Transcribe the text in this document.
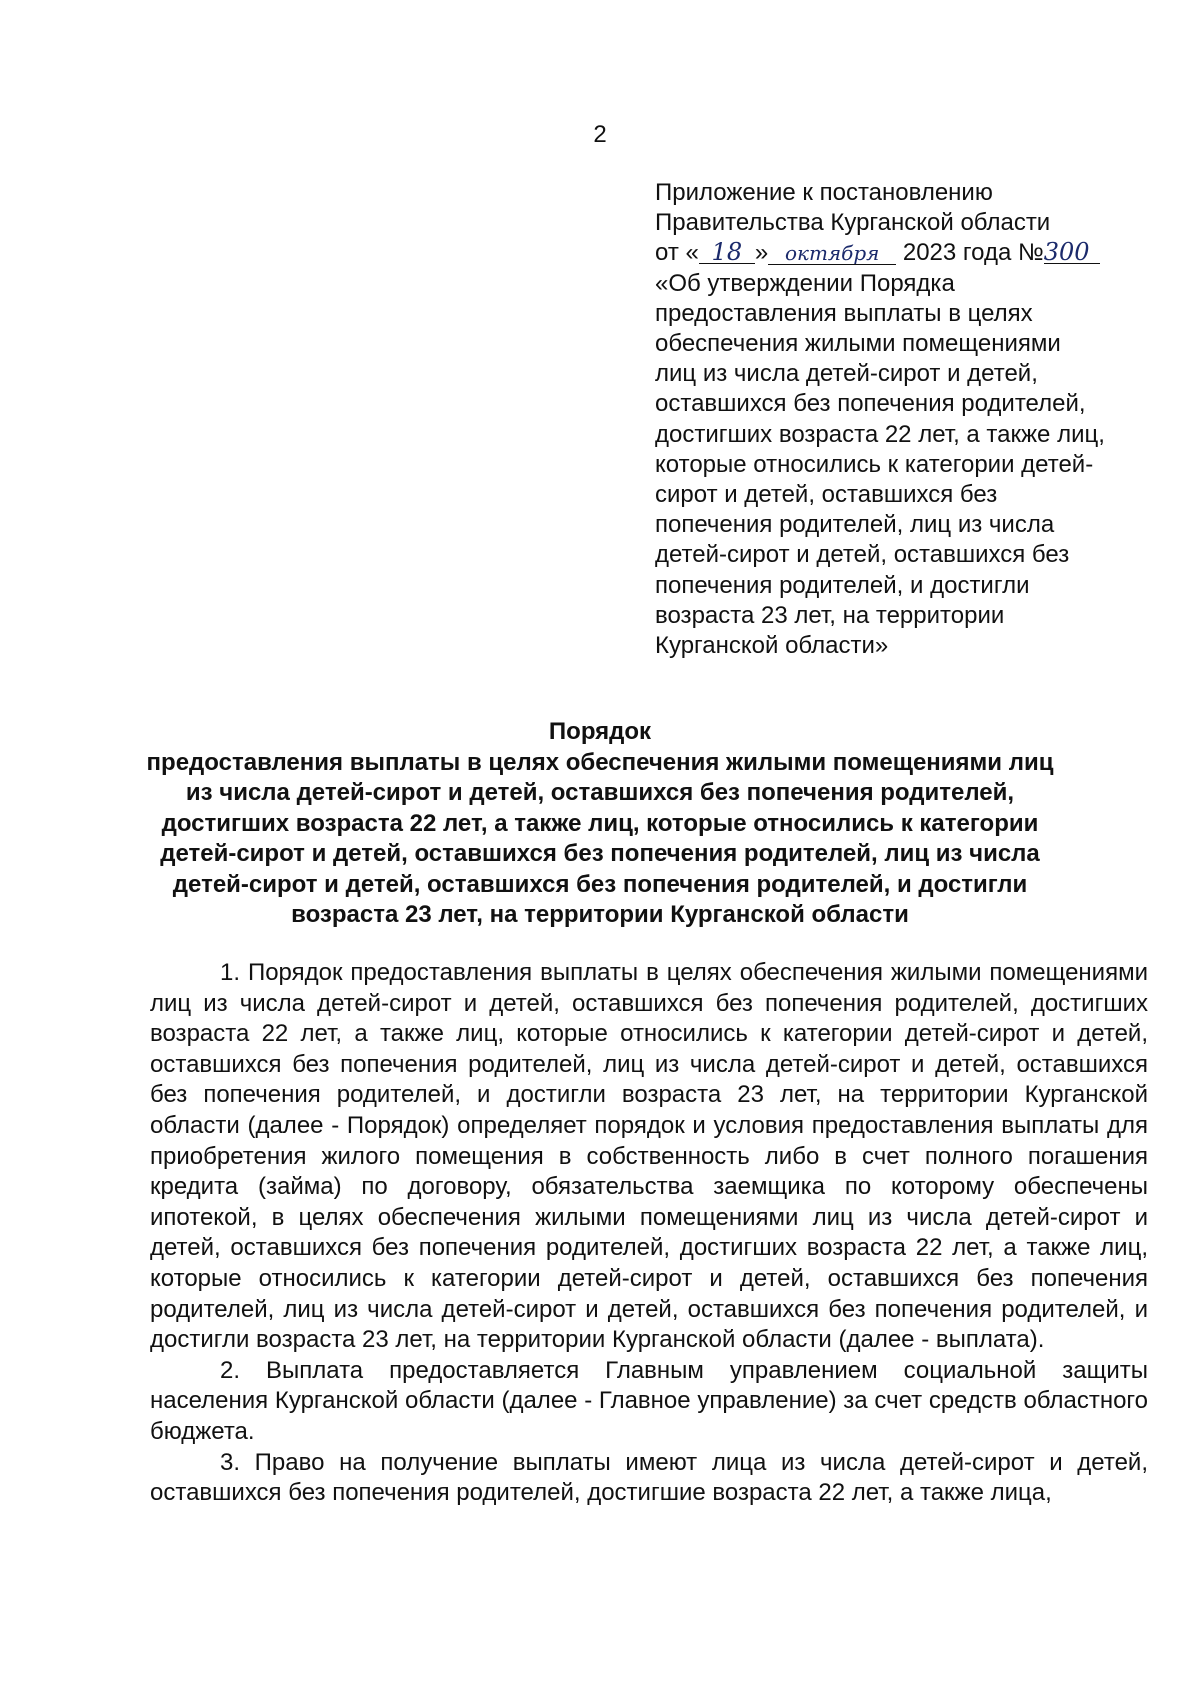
2
Приложение к постановлению
Правительства Курганской области
от « 18 » октября 2023 года №300
«Об утверждении Порядка
предоставления выплаты в целях
обеспечения жилыми помещениями
лиц из числа детей-сирот и детей,
оставшихся без попечения родителей,
достигших возраста 22 лет, а также лиц,
которые относились к категории детей-
сирот и детей, оставшихся без
попечения родителей, лиц из числа
детей-сирот и детей, оставшихся без
попечения родителей, и достигли
возраста 23 лет, на территории
Курганской области»
Порядок
предоставления выплаты в целях обеспечения жилыми помещениями лиц
из числа детей-сирот и детей, оставшихся без попечения родителей,
достигших возраста 22 лет, а также лиц, которые относились к категории
детей-сирот и детей, оставшихся без попечения родителей, лиц из числа
детей-сирот и детей, оставшихся без попечения родителей, и достигли
возраста 23 лет, на территории Курганской области

1. Порядок предоставления выплаты в целях обеспечения жилыми помещениями лиц из числа детей-сирот и детей, оставшихся без попечения родителей, достигших возраста 22 лет, а также лиц, которые относились к категории детей-сирот и детей, оставшихся без попечения родителей, лиц из числа детей-сирот и детей, оставшихся без попечения родителей, и достигли возраста 23 лет, на территории Курганской области (далее - Порядок) определяет порядок и условия предоставления выплаты для приобретения жилого помещения в собственность либо в счет полного погашения кредита (займа) по договору, обязательства заемщика по которому обеспечены ипотекой, в целях обеспечения жилыми помещениями лиц из числа детей-сирот и детей, оставшихся без попечения родителей, достигших возраста 22 лет, а также лиц, которые относились к категории детей-сирот и детей, оставшихся без попечения родителей, лиц из числа детей-сирот и детей, оставшихся без попечения родителей, и достигли возраста 23 лет, на территории Курганской области (далее - выплата).

2. Выплата предоставляется Главным управлением социальной защиты населения Курганской области (далее - Главное управление) за счет средств областного бюджета.

3. Право на получение выплаты имеют лица из числа детей-сирот и детей, оставшихся без попечения родителей, достигшие возраста 22 лет, а также лица,
